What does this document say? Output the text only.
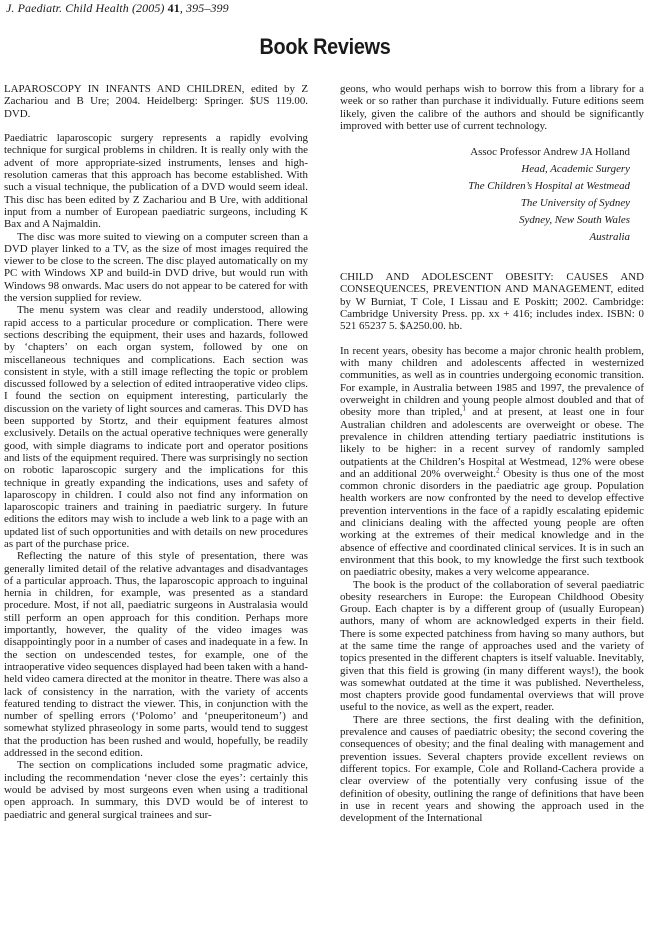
J. Paediatr. Child Health (2005) 41, 395–399
Book Reviews

LAPAROSCOPY IN INFANTS AND CHILDREN, edited by Z Zachariou and B Ure; 2004. Heidelberg: Springer. $US 119.00. DVD.

Paediatric laparoscopic surgery represents a rapidly evolving technique for surgical problems in children. It is really only with the advent of more appropriate-sized instruments, lenses and high-resolution cameras that this approach has become established. With such a visual technique, the publication of a DVD would seem ideal. This disc has been edited by Z Zachariou and B Ure, with additional input from a number of European paediatric surgeons, including K Bax and A Najmaldin.

The disc was more suited to viewing on a computer screen than a DVD player linked to a TV, as the size of most images required the viewer to be close to the screen. The disc played automatically on my PC with Windows XP and build-in DVD drive, but would run with Windows 98 onwards. Mac users do not appear to be catered for with the version supplied for review.

The menu system was clear and readily understood, allowing rapid access to a particular procedure or complication. There were sections describing the equipment, their uses and hazards, followed by ‘chapters’ on each organ system, followed by one on miscellaneous techniques and complications. Each section was consistent in style, with a still image reflecting the topic or problem discussed followed by a selection of edited intraoperative video clips. I found the section on equipment interesting, particularly the discussion on the variety of light sources and cameras. This DVD has been supported by Stortz, and their equipment features almost exclusively. Details on the actual operative techniques were generally good, with simple diagrams to indicate port and operator positions and lists of the equipment required. There was surprisingly no section on robotic laparoscopic surgery and the implications for this technique in greatly expanding the indications, uses and safety of laparoscopy in children. I could also not find any information on laparoscopic trainers and training in paediatric surgery. In future editions the editors may wish to include a web link to a page with an updated list of such opportunities and with details on new procedures as part of the purchase price.

Reflecting the nature of this style of presentation, there was generally limited detail of the relative advantages and disadvantages of a particular approach. Thus, the laparoscopic approach to inguinal hernia in children, for example, was presented as a standard procedure. Most, if not all, paediatric surgeons in Australasia would still perform an open approach for this condition. Perhaps more importantly, however, the quality of the video images was disappointingly poor in a number of cases and inadequate in a few. In the section on undescended testes, for example, one of the intraoperative video sequences displayed had been taken with a hand-held video camera directed at the monitor in theatre. There was also a lack of consistency in the narration, with the variety of accents featured tending to distract the viewer. This, in conjunction with the number of spelling errors (‘Polomo’ and ‘pneuperitoneum’) and somewhat stylized phraseology in some parts, would tend to suggest that the production has been rushed and would, hopefully, be readily addressed in the second edition.

The section on complications included some pragmatic advice, including the recommendation ‘never close the eyes’: certainly this would be advised by most surgeons even when using a traditional open approach. In summary, this DVD would be of interest to paediatric and general surgical trainees and sur-

geons, who would perhaps wish to borrow this from a library for a week or so rather than purchase it individually. Future editions seem likely, given the calibre of the authors and should be significantly improved with better use of current technology.

Assoc Professor Andrew JA Holland
Head, Academic Surgery
The Children’s Hospital at Westmead
The University of Sydney
Sydney, New South Wales
Australia

CHILD AND ADOLESCENT OBESITY: CAUSES AND CONSEQUENCES, PREVENTION AND MANAGEMENT, edited by W Burniat, T Cole, I Lissau and E Poskitt; 2002. Cambridge: Cambridge University Press. pp. xx + 416; includes index. ISBN: 0 521 65237 5. $A250.00. hb.

In recent years, obesity has become a major chronic health problem, with many children and adolescents affected in westernized communities, as well as in countries undergoing economic transition. For example, in Australia between 1985 and 1997, the prevalence of overweight in children and young people almost doubled and that of obesity more than tripled,$^1$ and at present, at least one in four Australian children and adolescents are overweight or obese. The prevalence in children attending tertiary paediatric institutions is likely to be higher: in a recent survey of randomly sampled outpatients at the Children’s Hospital at Westmead, 12% were obese and an additional 20% overweight.$^2$ Obesity is thus one of the most common chronic disorders in the paediatric age group. Population health workers are now confronted by the need to develop effective prevention interventions in the face of a rapidly escalating epidemic and clinicians dealing with the affected young people are often working at the extremes of their medical knowledge and in the absence of effective and coordinated clinical services. It is in such an environment that this book, to my knowledge the first such textbook on paediatric obesity, makes a very welcome appearance.

The book is the product of the collaboration of several paediatric obesity researchers in Europe: the European Childhood Obesity Group. Each chapter is by a different group of (usually European) authors, many of whom are acknowledged experts in their field. There is some expected patchiness from having so many authors, but at the same time the range of approaches used and the variety of topics presented in the different chapters is itself valuable. Inevitably, given that this field is growing (in many different ways!), the book was somewhat outdated at the time it was published. Nevertheless, most chapters provide good fundamental overviews that will prove useful to the novice, as well as the expert, reader.

There are three sections, the first dealing with the definition, prevalence and causes of paediatric obesity; the second covering the consequences of obesity; and the final dealing with management and prevention issues. Several chapters provide excellent reviews on different topics. For example, Cole and Rolland-Cachera provide a clear overview of the potentially very confusing issue of the definition of obesity, outlining the range of definitions that have been in use in recent years and showing the approach used in the development of the International
